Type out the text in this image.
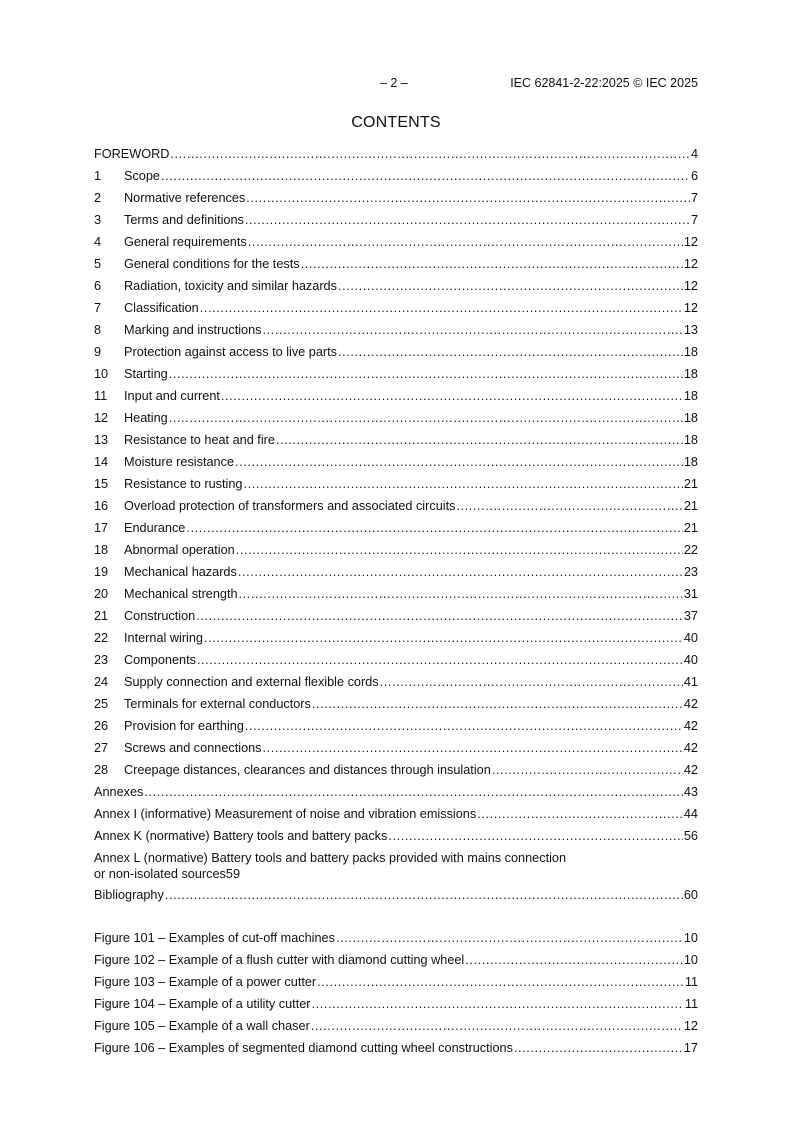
– 2 –	IEC 62841-2-22:2025 © IEC 2025
CONTENTS
FOREWORD .....	4
1	Scope .....	6
2	Normative references .....	7
3	Terms and definitions .....	7
4	General requirements .....	12
5	General conditions for the tests .....	12
6	Radiation, toxicity and similar hazards .....	12
7	Classification .....	12
8	Marking and instructions .....	13
9	Protection against access to live parts .....	18
10	Starting .....	18
11	Input and current .....	18
12	Heating .....	18
13	Resistance to heat and fire .....	18
14	Moisture resistance .....	18
15	Resistance to rusting .....	21
16	Overload protection of transformers and associated circuits .....	21
17	Endurance .....	21
18	Abnormal operation .....	22
19	Mechanical hazards .....	23
20	Mechanical strength .....	31
21	Construction .....	37
22	Internal wiring .....	40
23	Components .....	40
24	Supply connection and external flexible cords .....	41
25	Terminals for external conductors .....	42
26	Provision for earthing .....	42
27	Screws and connections .....	42
28	Creepage distances, clearances and distances through insulation .....	42
Annexes .....	43
Annex I (informative) Measurement of noise and vibration emissions .....	44
Annex K (normative) Battery tools and battery packs .....	56
Annex L (normative) Battery tools and battery packs provided with mains connection
or non-isolated sources 59
Bibliography .....	60
Figure 101 – Examples of cut-off machines .....	10
Figure 102 – Example of a flush cutter with diamond cutting wheel .....	10
Figure 103 – Example of a power cutter .....	11
Figure 104 – Example of a utility cutter .....	11
Figure 105 – Example of a wall chaser .....	12
Figure 106 – Examples of segmented diamond cutting wheel constructions .....	17
